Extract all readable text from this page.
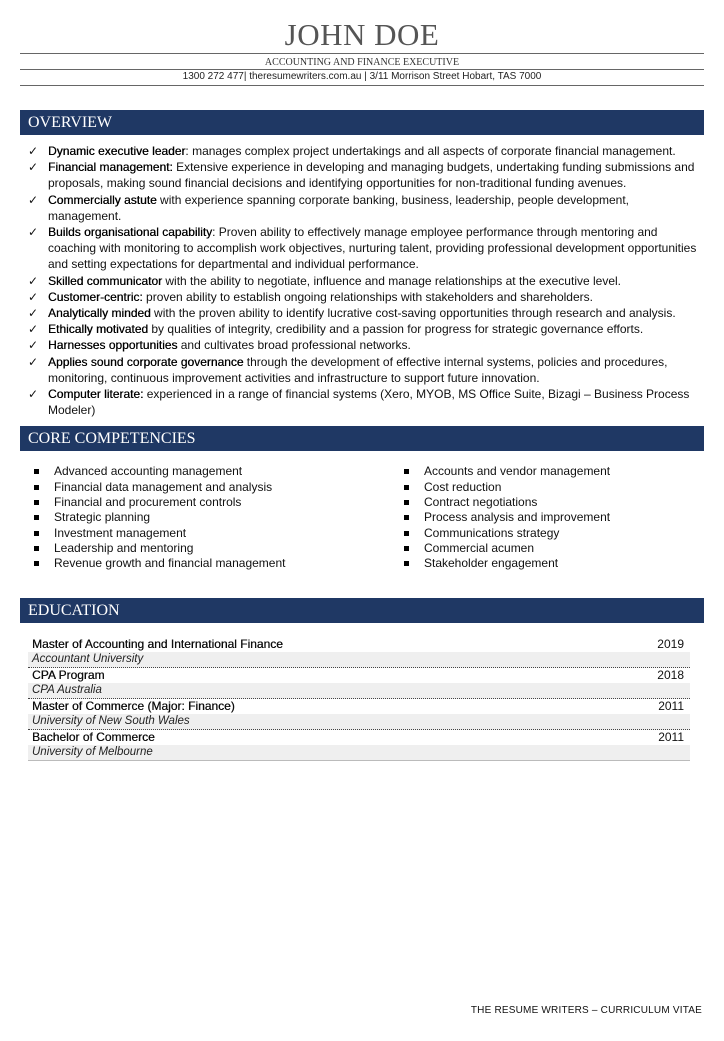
JOHN DOE
ACCOUNTING AND FINANCE EXECUTIVE
1300 272 477| theresumewriters.com.au | 3/11 Morrison Street Hobart, TAS 7000
OVERVIEW
✓ Dynamic executive leader: manages complex project undertakings and all aspects of corporate financial management.
✓ Financial management: Extensive experience in developing and managing budgets, undertaking funding submissions and proposals, making sound financial decisions and identifying opportunities for non-traditional funding avenues.
✓ Commercially astute with experience spanning corporate banking, business, leadership, people development, management.
✓ Builds organisational capability: Proven ability to effectively manage employee performance through mentoring and coaching with monitoring to accomplish work objectives, nurturing talent, providing professional development opportunities and setting expectations for departmental and individual performance.
✓ Skilled communicator with the ability to negotiate, influence and manage relationships at the executive level.
✓ Customer-centric: proven ability to establish ongoing relationships with stakeholders and shareholders.
✓ Analytically minded with the proven ability to identify lucrative cost-saving opportunities through research and analysis.
✓ Ethically motivated by qualities of integrity, credibility and a passion for progress for strategic governance efforts.
✓ Harnesses opportunities and cultivates broad professional networks.
✓ Applies sound corporate governance through the development of effective internal systems, policies and procedures, monitoring, continuous improvement activities and infrastructure to support future innovation.
✓ Computer literate: experienced in a range of financial systems (Xero, MYOB, MS Office Suite, Bizagi – Business Process Modeler)
CORE COMPETENCIES
Advanced accounting management
Financial data management and analysis
Financial and procurement controls
Strategic planning
Investment management
Leadership and mentoring
Revenue growth and financial management
Accounts and vendor management
Cost reduction
Contract negotiations
Process analysis and improvement
Communications strategy
Commercial acumen
Stakeholder engagement
EDUCATION
Master of Accounting and International Finance	2019
Accountant University
CPA Program	2018
CPA Australia
Master of Commerce (Major: Finance)	2011
University of New South Wales
Bachelor of Commerce	2011
University of Melbourne
THE RESUME WRITERS – CURRICULUM VITAE
